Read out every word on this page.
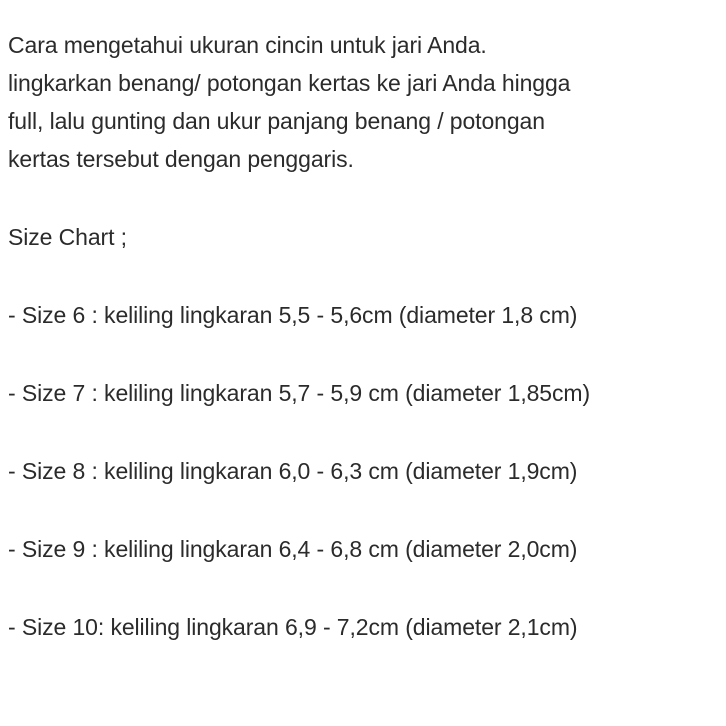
Cara mengetahui ukuran cincin untuk jari Anda.
lingkarkan benang/ potongan kertas ke jari Anda hingga
full, lalu gunting dan ukur panjang benang / potongan
kertas tersebut dengan penggaris.
Size Chart ;
- Size 6 : keliling lingkaran 5,5 - 5,6cm (diameter 1,8 cm)
- Size 7 : keliling lingkaran 5,7 - 5,9 cm (diameter 1,85cm)
- Size 8 : keliling lingkaran 6,0 - 6,3 cm (diameter 1,9cm)
- Size 9 : keliling lingkaran 6,4 - 6,8 cm (diameter 2,0cm)
- Size 10: keliling lingkaran 6,9 - 7,2cm (diameter 2,1cm)
